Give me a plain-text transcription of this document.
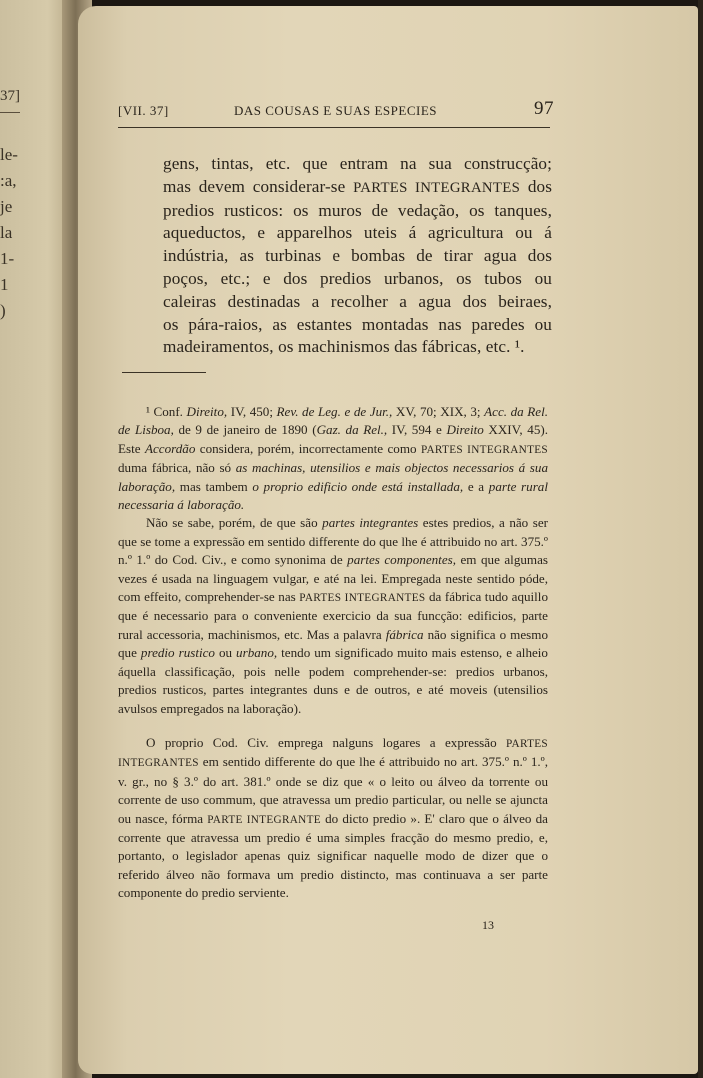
37]
le-
:a,
je
la
1-
1
)
[VII. 37]	DAS COUSAS E SUAS ESPECIES	97
gens, tintas, etc. que entram na sua construcção;
mas devem considerar-se PARTES INTEGRANTES dos
predios rusticos: os muros de vedação, os tanques,
aqueductos, e apparelhos uteis á agricultura ou á
indústria, as turbinas e bombas de tirar agua dos
poços, etc.; e dos predios urbanos, os tubos ou
caleiras destinadas a recolher a agua dos beiraes,
os pára-raios, as estantes montadas nas paredes ou
madeiramentos, os machinismos das fábricas, etc. ¹.

¹ Conf. Direito, IV, 450; Rev. de Leg. e de Jur., XV, 70; XIX, 3; Acc. da Rel. de Lisboa, de 9 de janeiro de 1890 (Gaz. da Rel., IV, 594 e Direito XXIV, 45). Este Accordão considera, porém, incorrectamente como PARTES INTEGRANTES duma fábrica, não só as machinas, utensilios e mais objectos necessarios á sua laboração, mas tambem o proprio edificio onde está installada, e a parte rural necessaria á laboração.

Não se sabe, porém, de que são partes integrantes estes predios, a não ser que se tome a expressão em sentido differente do que lhe é attribuido no art. 375.º n.º 1.º do Cod. Civ., e como synonima de partes componentes, em que algumas vezes é usada na linguagem vulgar, e até na lei. Empregada neste sentido póde, com effeito, comprehender-se nas PARTES INTEGRANTES da fábrica tudo aquillo que é necessario para o conveniente exercicio da sua funcção: edificios, parte rural accessoria, machinismos, etc. Mas a palavra fábrica não significa o mesmo que predio rustico ou urbano, tendo um significado muito mais estenso, e alheio áquella classificação, pois nelle podem comprehender-se: predios urbanos, predios rusticos, partes integrantes duns e de outros, e até moveis (utensilios avulsos empregados na laboração).

O proprio Cod. Civ. emprega nalguns logares a expressão PARTES INTEGRANTES em sentido differente do que lhe é attribuido no art. 375.º n.º 1.º, v. gr., no § 3.º do art. 381.º onde se diz que « o leito ou álveo da torrente ou corrente de uso commum, que atravessa um predio particular, ou nelle se ajuncta ou nasce, fórma PARTE INTEGRANTE do dicto predio ». E' claro que o álveo da corrente que atravessa um predio é uma simples fracção do mesmo predio, e, portanto, o legislador apenas quiz significar naquelle modo de dizer que o referido álveo não formava um predio distincto, mas continuava a ser parte componente do predio serviente.

13
